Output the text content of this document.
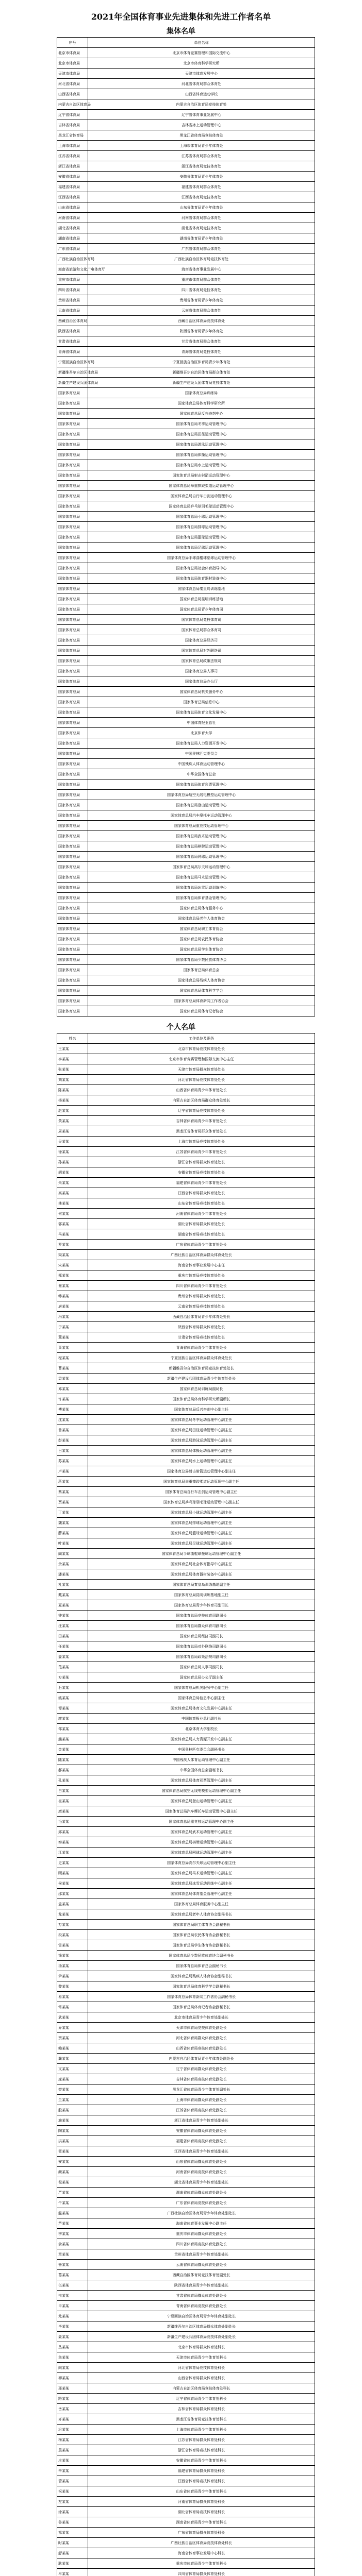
2021年全国体育事业先进集体和先进工作者名单
集体名单
序号	单位名称
北京市体育局	北京市体育竞赛管理和国际交流中心
北京市体育局	北京市体育科学研究所
天津市体育局	天津市体育发展中心
河北省体育局	河北省体育局群众体育处
山西省体育局	山西省体育运动学校
内蒙古自治区体育局	内蒙古自治区体育局竞技体育处
辽宁省体育局	辽宁省体育事业发展中心
吉林省体育局	吉林省冰上运动管理中心
黑龙江省体育局	黑龙江省体育局竞技体育处
上海市体育局	上海市体育局青少年体育处
江苏省体育局	江苏省体育局群众体育处
浙江省体育局	浙江省体育局竞技体育处
安徽省体育局	安徽省体育局青少年体育处
福建省体育局	福建省体育局群众体育处
江西省体育局	江西省体育局竞技体育处
山东省体育局	山东省体育局青少年体育处
河南省体育局	河南省体育局群众体育处
湖北省体育局	湖北省体育局竞技体育处
湖南省体育局	湖南省体育局青少年体育处
广东省体育局	广东省体育局群众体育处
广西壮族自治区体育局	广西壮族自治区体育局竞技体育处
海南省旅游和文化广电体育厅	海南省体育事业发展中心
重庆市体育局	重庆市体育局群众体育处
四川省体育局	四川省体育局竞技体育处
贵州省体育局	贵州省体育局青少年体育处
云南省体育局	云南省体育局群众体育处
西藏自治区体育局	西藏自治区体育局竞技体育处
陕西省体育局	陕西省体育局青少年体育处
甘肃省体育局	甘肃省体育局群众体育处
青海省体育局	青海省体育局竞技体育处
宁夏回族自治区体育局	宁夏回族自治区体育局青少年体育处
新疆维吾尔自治区体育局	新疆维吾尔自治区体育局群众体育处
新疆生产建设兵团体育局	新疆生产建设兵团体育局竞技体育处
国家体育总局	国家体育总局训练局
国家体育总局	国家体育总局体育科学研究所
国家体育总局	国家体育总局反兴奋剂中心
国家体育总局	国家体育总局冬季运动管理中心
国家体育总局	国家体育总局田径运动管理中心
国家体育总局	国家体育总局游泳运动管理中心
国家体育总局	国家体育总局体操运动管理中心
国家体育总局	国家体育总局水上运动管理中心
国家体育总局	国家体育总局射击射箭运动管理中心
国家体育总局	国家体育总局举重摔跤柔道运动管理中心
国家体育总局	国家体育总局自行车击剑运动管理中心
国家体育总局	国家体育总局乒乓球羽毛球运动管理中心
国家体育总局	国家体育总局小球运动管理中心
国家体育总局	国家体育总局排球运动管理中心
国家体育总局	国家体育总局篮球运动管理中心
国家体育总局	国家体育总局足球运动管理中心
国家体育总局	国家体育总局手球曲棍球垒球运动管理中心
国家体育总局	国家体育总局社会体育指导中心
国家体育总局	国家体育总局体育器材装备中心
国家体育总局	国家体育总局秦皇岛训练基地
国家体育总局	国家体育总局昆明训练基地
国家体育总局	国家体育总局青少年体育司
国家体育总局	国家体育总局竞技体育司
国家体育总局	国家体育总局群众体育司
国家体育总局	国家体育总局经济司
国家体育总局	国家体育总局对外联络司
国家体育总局	国家体育总局政策法规司
国家体育总局	国家体育总局人事司
国家体育总局	国家体育总局办公厅
国家体育总局	国家体育总局机关服务中心
国家体育总局	国家体育总局信息中心
国家体育总局	国家体育总局体育文化发展中心
国家体育总局	中国体育报业总社
国家体育总局	北京体育大学
国家体育总局	国家体育总局人力资源开发中心
国家体育总局	中国奥林匹克委员会
国家体育总局	中国残疾人体育运动管理中心
国家体育总局	中华全国体育总会
国家体育总局	国家体育总局体育彩票管理中心
国家体育总局	国家体育总局航空无线电模型运动管理中心
国家体育总局	国家体育总局登山运动管理中心
国家体育总局	国家体育总局汽车摩托车运动管理中心
国家体育总局	国家体育总局重竞技运动管理中心
国家体育总局	国家体育总局武术运动管理中心
国家体育总局	国家体育总局棋牌运动管理中心
国家体育总局	国家体育总局网球运动管理中心
国家体育总局	国家体育总局高尔夫球运动管理中心
国家体育总局	国家体育总局马术运动管理中心
国家体育总局	国家体育总局冰雪运动训练中心
国家体育总局	国家体育总局体育基金管理中心
国家体育总局	国家体育总局体育服务中心
国家体育总局	国家体育总局老年人体育协会
国家体育总局	国家体育总局职工体育协会
国家体育总局	国家体育总局农民体育协会
国家体育总局	国家体育总局学生体育协会
国家体育总局	国家体育总局少数民族体育协会
国家体育总局	国家体育总局体育总会
国家体育总局	国家体育总局残疾人体育协会
国家体育总局	国家体育总局体育科学学会
国家体育总局	国家体育总局体育新闻工作者协会
国家体育总局	国家体育总局体育记者协会
个人名单
姓名	工作单位及职务
王某某	北京市体育局竞技体育处处长
李某某	北京市体育竞赛管理和国际交流中心主任
张某某	天津市体育局群众体育处处长
刘某某	河北省体育局竞技体育处处长
陈某某	山西省体育局青少年体育处处长
杨某某	内蒙古自治区体育局群众体育处处长
赵某某	辽宁省体育局竞技体育处处长
黄某某	吉林省体育局青少年体育处处长
周某某	黑龙江省体育局群众体育处处长
吴某某	上海市体育局竞技体育处处长
徐某某	江苏省体育局青少年体育处处长
孙某某	浙江省体育局群众体育处处长
胡某某	安徽省体育局竞技体育处处长
朱某某	福建省体育局青少年体育处处长
高某某	江西省体育局群众体育处处长
林某某	山东省体育局竞技体育处处长
何某某	河南省体育局青少年体育处处长
郭某某	湖北省体育局群众体育处处长
马某某	湖南省体育局竞技体育处处长
罗某某	广东省体育局青少年体育处处长
梁某某	广西壮族自治区体育局群众体育处处长
宋某某	海南省体育事业发展中心主任
郑某某	重庆市体育局竞技体育处处长
谢某某	四川省体育局青少年体育处处长
韩某某	贵州省体育局群众体育处处长
唐某某	云南省体育局竞技体育处处长
冯某某	西藏自治区体育局青少年体育处处长
于某某	陕西省体育局群众体育处处长
董某某	甘肃省体育局竞技体育处处长
萧某某	青海省体育局青少年体育处处长
程某某	宁夏回族自治区体育局群众体育处处长
曹某某	新疆维吾尔自治区体育局竞技体育处处长
袁某某	新疆生产建设兵团体育局青少年体育处处长
邓某某	国家体育总局训练局副局长
许某某	国家体育总局体育科学研究所副所长
傅某某	国家体育总局反兴奋剂中心副主任
沈某某	国家体育总局冬季运动管理中心副主任
曾某某	国家体育总局田径运动管理中心副主任
彭某某	国家体育总局游泳运动管理中心副主任
吕某某	国家体育总局体操运动管理中心副主任
苏某某	国家体育总局水上运动管理中心副主任
卢某某	国家体育总局射击射箭运动管理中心副主任
蒋某某	国家体育总局举重摔跤柔道运动管理中心副主任
蔡某某	国家体育总局自行车击剑运动管理中心副主任
贾某某	国家体育总局乒乓球羽毛球运动管理中心副主任
丁某某	国家体育总局小球运动管理中心副主任
魏某某	国家体育总局排球运动管理中心副主任
薛某某	国家体育总局篮球运动管理中心副主任
叶某某	国家体育总局足球运动管理中心副主任
阎某某	国家体育总局手球曲棍球垒球运动管理中心副主任
余某某	国家体育总局社会体育指导中心副主任
潘某某	国家体育总局体育器材装备中心副主任
杜某某	国家体育总局秦皇岛训练基地副主任
戴某某	国家体育总局昆明训练基地副主任
夏某某	国家体育总局青少年体育司副司长
钟某某	国家体育总局竞技体育司副司长
汪某某	国家体育总局群众体育司副司长
田某某	国家体育总局经济司副司长
任某某	国家体育总局对外联络司副司长
姜某某	国家体育总局政策法规司副司长
范某某	国家体育总局人事司副司长
方某某	国家体育总局办公厅副主任
石某某	国家体育总局机关服务中心副主任
姚某某	国家体育总局信息中心副主任
谭某某	国家体育总局体育文化发展中心副主任
廖某某	中国体育报业总社副社长
邹某某	北京体育大学副校长
熊某某	国家体育总局人力资源开发中心副主任
金某某	中国奥林匹克委员会副秘书长
陆某某	中国残疾人体育运动管理中心副主任
郝某某	中华全国体育总会副秘书长
孔某某	国家体育总局体育彩票管理中心副主任
白某某	国家体育总局航空无线电模型运动管理中心副主任
崔某某	国家体育总局登山运动管理中心副主任
康某某	国家体育总局汽车摩托车运动管理中心副主任
毛某某	国家体育总局重竞技运动管理中心副主任
邱某某	国家体育总局武术运动管理中心副主任
秦某某	国家体育总局棋牌运动管理中心副主任
江某某	国家体育总局网球运动管理中心副主任
史某某	国家体育总局高尔夫球运动管理中心副主任
顾某某	国家体育总局马术运动管理中心副主任
侯某某	国家体育总局冰雪运动训练中心副主任
邵某某	国家体育总局体育基金管理中心副主任
孟某某	国家体育总局体育服务中心副主任
龙某某	国家体育总局老年人体育协会副秘书长
万某某	国家体育总局职工体育协会副秘书长
段某某	国家体育总局农民体育协会副秘书长
雷某某	国家体育总局学生体育协会副秘书长
钱某某	国家体育总局少数民族体育协会副秘书长
汤某某	国家体育总局体育总会副秘书长
尹某某	国家体育总局残疾人体育协会副秘书长
黎某某	国家体育总局体育科学学会副秘书长
易某某	国家体育总局体育新闻工作者协会副秘书长
常某某	国家体育总局体育记者协会副秘书长
武某某	北京市体育局青少年体育处副处长
乔某某	天津市体育局竞技体育处副处长
贺某某	河北省体育局群众体育处副处长
赖某某	山西省体育局竞技体育处副处长
龚某某	内蒙古自治区体育局青少年体育处副处长
文某某	辽宁省体育局群众体育处副处长
庞某某	吉林省体育局竞技体育处副处长
樊某某	黑龙江省体育局青少年体育处副处长
兰某某	上海市体育局群众体育处副处长
殷某某	江苏省体育局竞技体育处副处长
施某某	浙江省体育局青少年体育处副处长
陶某某	安徽省体育局群众体育处副处长
洪某某	福建省体育局竞技体育处副处长
翟某某	江西省体育局青少年体育处副处长
安某某	山东省体育局群众体育处副处长
颜某某	河南省体育局竞技体育处副处长
倪某某	湖北省体育局青少年体育处副处长
严某某	湖南省体育局群众体育处副处长
牛某某	广东省体育局竞技体育处副处长
温某某	广西壮族自治区体育局青少年体育处副处长
芦某某	海南省体育事业发展中心副主任
季某某	重庆市体育局群众体育处副处长
俞某某	四川省体育局竞技体育处副处长
章某某	贵州省体育局青少年体育处副处长
鲁某某	云南省体育局群众体育处副处长
葛某某	西藏自治区体育局竞技体育处副处长
伍某某	陕西省体育局青少年体育处副处长
韦某某	甘肃省体育局群众体育处副处长
申某某	青海省体育局竞技体育处副处长
尤某某	宁夏回族自治区体育局青少年体育处副处长
毕某某	新疆维吾尔自治区体育局群众体育处副处长
聂某某	新疆生产建设兵团体育局竞技体育处副处长
丛某某	北京市体育局群众体育处科长
焦某某	天津市体育局青少年体育处科长
向某某	河北省体育局竞技体育处科长
柳某某	山西省体育局群众体育处科长
邢某某	内蒙古自治区体育局竞技体育处科长
路某某	辽宁省体育局青少年体育处科长
岳某某	吉林省体育局群众体育处科长
齐某某	黑龙江省体育局竞技体育处科长
沿某某	上海市体育局青少年体育处科长
梅某某	江苏省体育局群众体育处科长
莫某某	浙江省体育局竞技体育处科长
庄某某	安徽省体育局青少年体育处科长
辛某某	福建省体育局群众体育处科长
管某某	江西省体育局竞技体育处科长
祝某某	山东省体育局青少年体育处科长
左某某	河南省体育局群众体育处科长
涂某某	湖北省体育局竞技体育处科长
谷某某	湖南省体育局青少年体育处科长
祁某某	广东省体育局群众体育处科长
时某某	广西壮族自治区体育局竞技体育处科长
舒某某	海南省体育事业发展中心科长
耿某某	重庆市体育局青少年体育处科长
牟某某	四川省体育局群众体育处科长
